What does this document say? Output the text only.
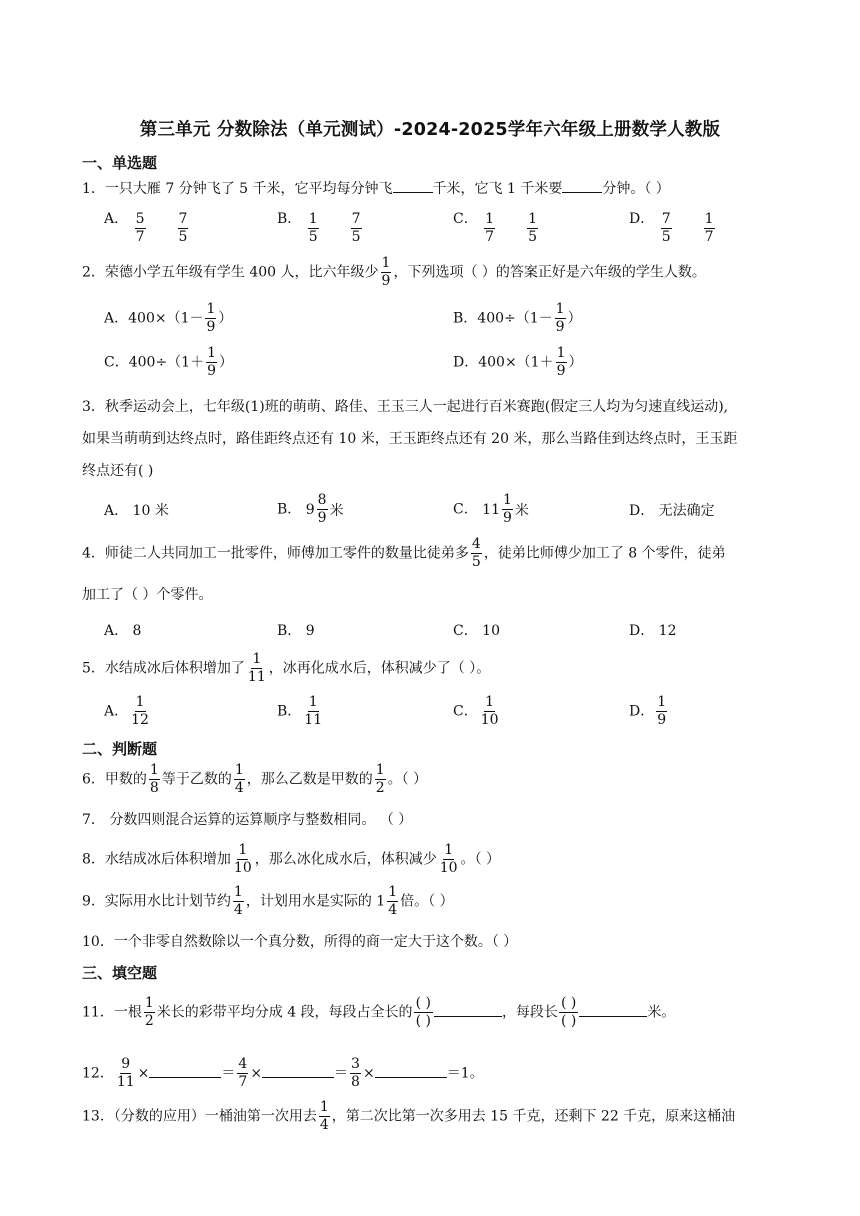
第三单元 分数除法（单元测试）-2024-2025学年六年级上册数学人教版
一、单选题
1．一只大雁 7 分钟飞了 5 千米，它平均每分钟飞	千米，它飞 1 千米要	分钟。（ ）
A． $\frac{5}{7} \frac{7}{5}$	B． $\frac{1}{5} \frac{7}{5}$	C． $\frac{1}{7} \frac{1}{5}$	D． $\frac{7}{5} \frac{1}{7}$
2．荣德小学五年级有学生 400 人，比六年级少 $\frac{1}{9}$ ，下列选项（ ）的答案正好是六年级的学生人数。
A．$400\times(1- \frac{1}{9}$ ）	B．$400\div(1- \frac{1}{9}$ ）
C．$400\div(1+ \frac{1}{9}$ ）	D．$400\times(1+ \frac{1}{9}$ ）
3．秋季运动会上，七年级(1)班的萌萌、路佳、王玉三人一起进行百米赛跑(假定三人均为匀速直线运动),
如果当萌萌到达终点时，路佳距终点还有 10 米，王玉距终点还有 20 米，那么当路佳到达终点时，王玉距
终点还有( )
A． 10 米	B． $9 \frac{8}{9}$ 米	C． $11 \frac{1}{9}$ 米	D． 无法确定
4．师徒二人共同加工一批零件，师傅加工零件的数量比徒弟多 $\frac{4}{5}$ ，徒弟比师傅少加工了 8 个零件，徒弟
加工了（ ）个零件。
A． 8	B． 9	C． 10	D． 12
5．水结成冰后体积增加了 $\frac{1}{11}$ ，冰再化成水后，体积减少了（ ）。
A． $\frac{1}{12}$	B． $\frac{1}{11}$	C． $\frac{1}{10}$	D． $\frac{1}{9}$
二、判断题
6．甲数的 $\frac{1}{8}$ 等于乙数的 $\frac{1}{4}$ ，那么乙数是甲数的 $\frac{1}{2}$ 。（ ）
7． 分数四则混合运算的运算顺序与整数相同。 （ ）
8．水结成冰后体积增加 $\frac{1}{10}$ ，那么冰化成水后，体积减少 $\frac{1}{10}$ 。（ ）
9．实际用水比计划节约 $\frac{1}{4}$ ，计划用水是实际的 $1 \frac{1}{4}$ 倍。（ ）
10．一个非零自然数除以一个真分数，所得的商一定大于这个数。（ ）
三、填空题
11．一根 $\frac{1}{2}$ 米长的彩带平均分成 4 段，每段占全长的 $\frac{( )}{( )}$	，每段长 $\frac{( )}{( )}$	米。
12． $\frac{9}{11}$ ×	＝ $\frac{4}{7}$ ×	＝ $\frac{3}{8}$ ×	＝1。
13．（分数的应用）一桶油第一次用去 $\frac{1}{4}$ ，第二次比第一次多用去 15 千克，还剩下 22 千克，原来这桶油
